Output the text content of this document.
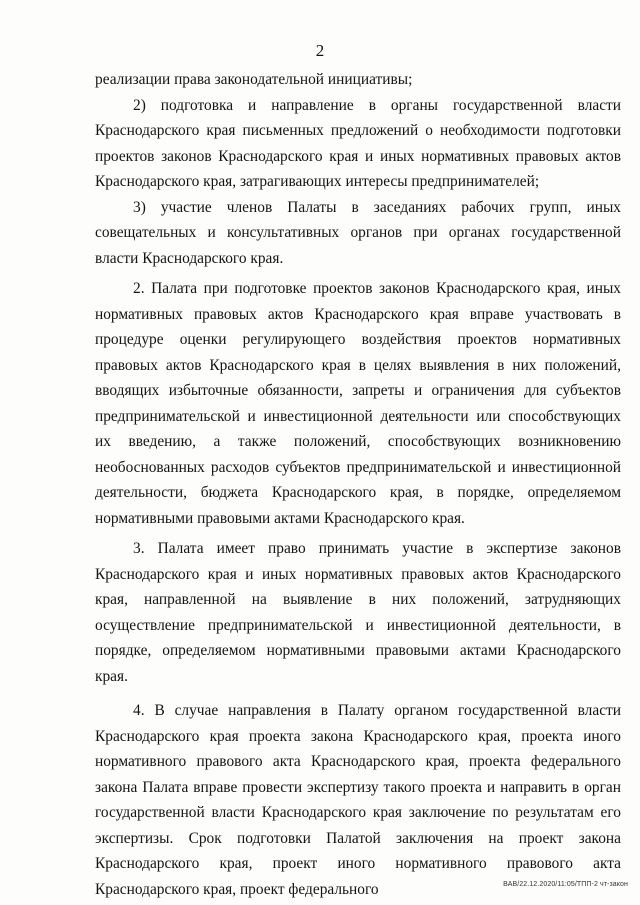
2

реализации права законодательной инициативы;

2) подготовка и направление в органы государственной власти Краснодарского края письменных предложений о необходимости подготовки проектов законов Краснодарского края и иных нормативных правовых актов Краснодарского края, затрагивающих интересы предпринимателей;

3) участие членов Палаты в заседаниях рабочих групп, иных совещательных и консультативных органов при органах государственной власти Краснодарского края.

2. Палата при подготовке проектов законов Краснодарского края, иных нормативных правовых актов Краснодарского края вправе участвовать в процедуре оценки регулирующего воздействия проектов нормативных правовых актов Краснодарского края в целях выявления в них положений, вводящих избыточные обязанности, запреты и ограничения для субъектов предпринимательской и инвестиционной деятельности или способствующих их введению, а также положений, способствующих возникновению необоснованных расходов субъектов предпринимательской и инвестиционной деятельности, бюджета Краснодарского края, в порядке, определяемом нормативными правовыми актами Краснодарского края.

3. Палата имеет право принимать участие в экспертизе законов Краснодарского края и иных нормативных правовых актов Краснодарского края, направленной на выявление в них положений, затрудняющих осуществление предпринимательской и инвестиционной деятельности, в порядке, определяемом нормативными правовыми актами Краснодарского края.

4. В случае направления в Палату органом государственной власти Краснодарского края проекта закона Краснодарского края, проекта иного нормативного правового акта Краснодарского края, проекта федерального закона Палата вправе провести экспертизу такого проекта и направить в орган государственной власти Краснодарского края заключение по результатам его экспертизы. Срок подготовки Палатой заключения на проект закона Краснодарского края, проект иного нормативного правового акта Краснодарского края, проект федерального	ВАВ/22.12.2020/11:05/ТПП-2 чт-закон
